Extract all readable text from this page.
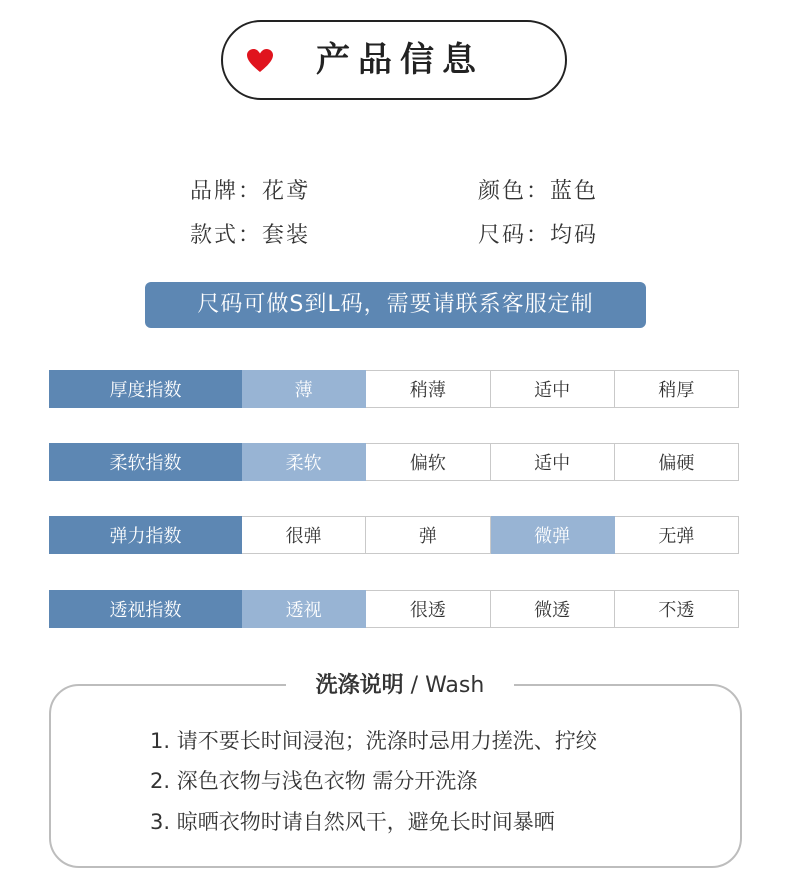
产品信息
品牌：花鸢	颜色：蓝色
款式：套装	尺码：均码
尺码可做S到L码，需要请联系客服定制
厚度指数	薄	稍薄	适中	稍厚
柔软指数	柔软	偏软	适中	偏硬
弹力指数	很弹	弹	微弹	无弹
透视指数	透视	很透	微透	不透
洗涤说明 / Wash
1. 请不要长时间浸泡；洗涤时忌用力搓洗、拧绞
2. 深色衣物与浅色衣物 需分开洗涤
3. 晾晒衣物时请自然风干，避免长时间暴晒
